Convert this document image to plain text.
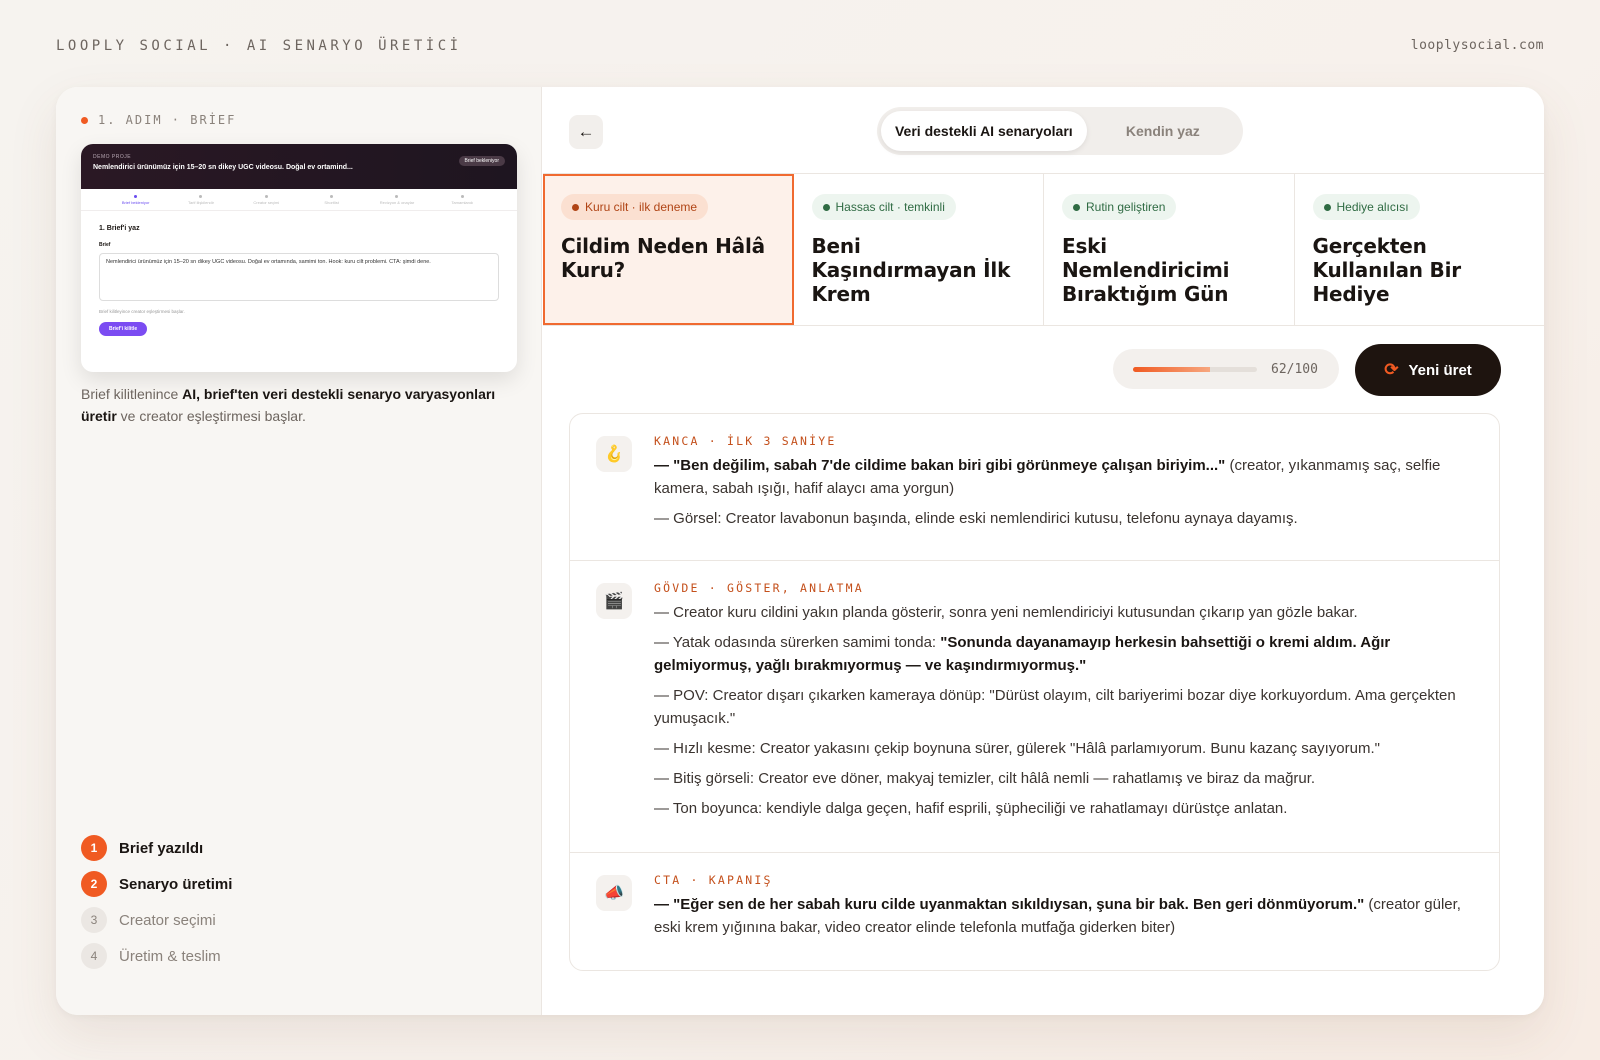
LOOPLY SOCIAL · AI SENARYO ÜRETİCİ	looplysocial.com
1. ADIM · BRİEF
DEMO PROJE
Nemlendirici ürünümüz için 15–20 sn dikey UGC videosu. Doğal ev ortamind...
Brief bekleniyor
Brief bekleniyor	Tarif ilişkilendir	Creator seçimi	Shortlist	Revizyon & onaylar	Tamamlandı
1. Brief'i yaz
Brief
Nemlendirici ürünümüz için 15–20 sn dikey UGC videosu. Doğal ev ortamında, samimi ton. Hook: kuru cilt problemi. CTA: şimdi dene.
Brief kilitleyince creator eşleştirmesi başlar.
Brief'i kilitle
Brief kilitlenince AI, brief'ten veri destekli senaryo varyasyonları üretir ve creator eşleştirmesi başlar.
1	Brief yazıldı
2	Senaryo üretimi
3	Creator seçimi
4	Üretim & teslim
←	Veri destekli AI senaryoları	Kendin yaz
Kuru cilt · ilk deneme
Cildim Neden Hâlâ Kuru?
Hassas cilt · temkinli
Beni Kaşındırmayan İlk Krem
Rutin geliştiren
Eski Nemlendiricimi Bıraktığım Gün
Hediye alıcısı
Gerçekten Kullanılan Bir Hediye
62/100	⟳ Yeni üret
🪝
KANCA · İLK 3 SANİYE
— "Ben değilim, sabah 7'de cildime bakan biri gibi görünmeye çalışan biriyim..." (creator, yıkanmamış saç, selfie kamera, sabah ışığı, hafif alaycı ama yorgun)
— Görsel: Creator lavabonun başında, elinde eski nemlendirici kutusu, telefonu aynaya dayamış.
🎬
GÖVDE · GÖSTER, ANLATMA
— Creator kuru cildini yakın planda gösterir, sonra yeni nemlendiriciyi kutusundan çıkarıp yan gözle bakar.
— Yatak odasında sürerken samimi tonda: "Sonunda dayanamayıp herkesin bahsettiği o kremi aldım. Ağır gelmiyormuş, yağlı bırakmıyormuş — ve kaşındırmıyormuş."
— POV: Creator dışarı çıkarken kameraya dönüp: "Dürüst olayım, cilt bariyerimi bozar diye korkuyordum. Ama gerçekten yumuşacık."
— Hızlı kesme: Creator yakasını çekip boynuna sürer, gülerek "Hâlâ parlamıyorum. Bunu kazanç sayıyorum."
— Bitiş görseli: Creator eve döner, makyaj temizler, cilt hâlâ nemli — rahatlamış ve biraz da mağrur.
— Ton boyunca: kendiyle dalga geçen, hafif esprili, şüpheciliği ve rahatlamayı dürüstçe anlatan.
📣
CTA · KAPANIŞ
— "Eğer sen de her sabah kuru cilde uyanmaktan sıkıldıysan, şuna bir bak. Ben geri dönmüyorum." (creator güler, eski krem yığınına bakar, video creator elinde telefonla mutfağa giderken biter)
